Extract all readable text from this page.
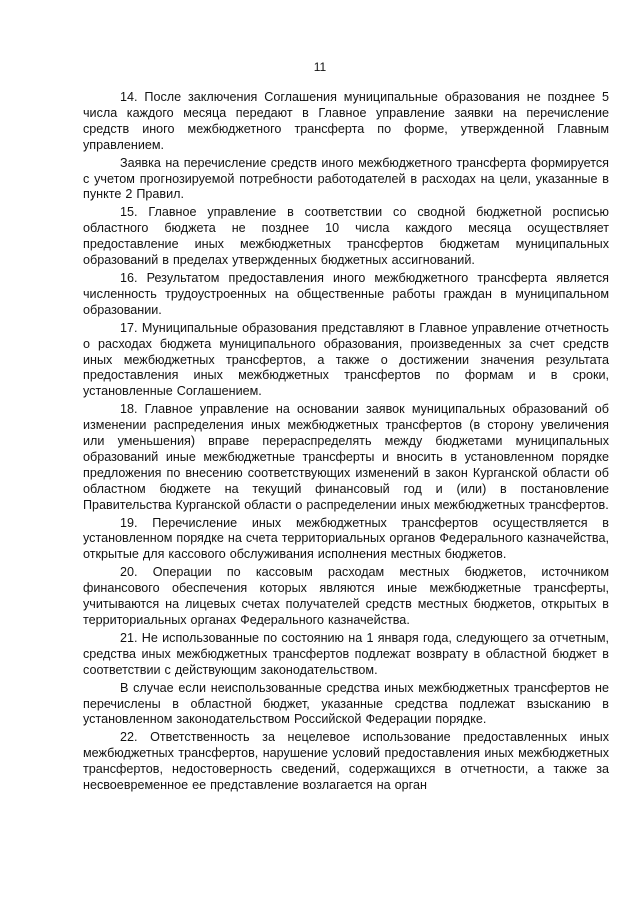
11

14. После заключения Соглашения муниципальные образования не позднее 5 числа каждого месяца передают в Главное управление заявки на перечисление средств иного межбюджетного трансферта по форме, утвержденной Главным управлением.

Заявка на перечисление средств иного межбюджетного трансферта формируется с учетом прогнозируемой потребности работодателей в расходах на цели, указанные в пункте 2 Правил.

15. Главное управление в соответствии со сводной бюджетной росписью областного бюджета не позднее 10 числа каждого месяца осуществляет предоставление иных межбюджетных трансфертов бюджетам муниципальных образований в пределах утвержденных бюджетных ассигнований.

16. Результатом предоставления иного межбюджетного трансферта является численность трудоустроенных на общественные работы граждан в муниципальном образовании.

17. Муниципальные образования представляют в Главное управление отчетность о расходах бюджета муниципального образования, произведенных за счет средств иных межбюджетных трансфертов, а также о достижении значения результата предоставления иных межбюджетных трансфертов по формам и в сроки, установленные Соглашением.

18. Главное управление на основании заявок муниципальных образований об изменении распределения иных межбюджетных трансфертов (в сторону увеличения или уменьшения) вправе перераспределять между бюджетами муниципальных образований иные межбюджетные трансферты и вносить в установленном порядке предложения по внесению соответствующих изменений в закон Курганской области об областном бюджете на текущий финансовый год и (или) в постановление Правительства Курганской области о распределении иных межбюджетных трансфертов.

19. Перечисление иных межбюджетных трансфертов осуществляется в установленном порядке на счета территориальных органов Федерального казначейства, открытые для кассового обслуживания исполнения местных бюджетов.

20. Операции по кассовым расходам местных бюджетов, источником финансового обеспечения которых являются иные межбюджетные трансферты, учитываются на лицевых счетах получателей средств местных бюджетов, открытых в территориальных органах Федерального казначейства.

21. Не использованные по состоянию на 1 января года, следующего за отчетным, средства иных межбюджетных трансфертов подлежат возврату в областной бюджет в соответствии с действующим законодательством.

В случае если неиспользованные средства иных межбюджетных трансфертов не перечислены в областной бюджет, указанные средства подлежат взысканию в установленном законодательством Российской Федерации порядке.

22. Ответственность за нецелевое использование предоставленных иных межбюджетных трансфертов, нарушение условий предоставления иных межбюджетных трансфертов, недостоверность сведений, содержащихся в отчетности, а также за несвоевременное ее представление возлагается на орган
